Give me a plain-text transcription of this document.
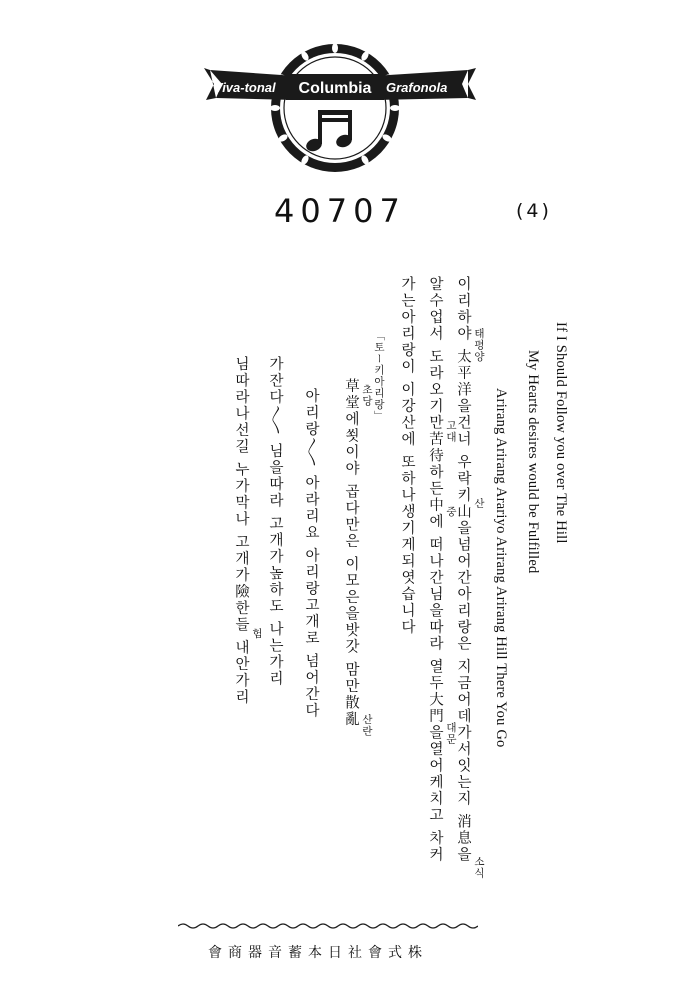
Viva-tonal Columbia Grafonola
40707	(4)
If I Should Follow you over The Hill
My Hearts desires would be Fulfilled
Arirang Arirang Arariyo Arirang Arirang Hill There You Go
이리하야 太平洋을건너 우락키山을넘어간아리랑은 지금어데가서잇는지 消息을
알수업서 도라오기만苦待하든中에 떠나간님을따라 열두大門을열어케치고 차커
가는아리랑이 이강산에 또하나생기게되엿습니다
「토ー키아리랑」
草堂에쐿이야 곱다만은 이모은을밧갓 맘만散亂
아리랑〳〵 아라리요 아리랑고개로 넘어간다
가잔다〳〵 님을따라 고개가높하도 나는가리
님따라나선길 누가막나 고개가險한들 내안가리
태평양
산
소식
고대
중
대문
초당
산란
험
會商器音蓄本日社會式株
